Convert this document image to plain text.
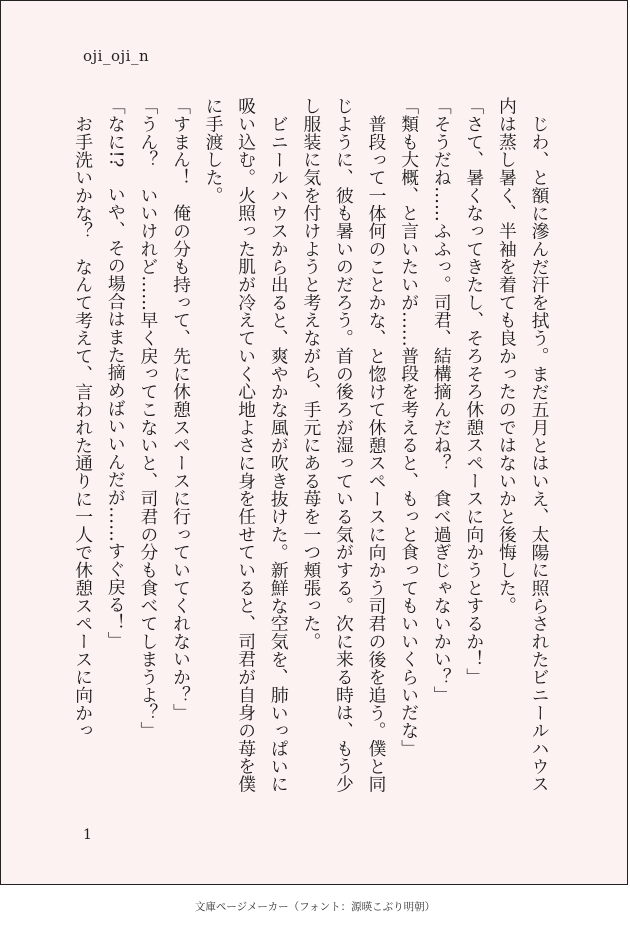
oji_oji_n

じわ、と額に滲んだ汗を拭う。まだ五月とはいえ、太陽に照らされたビニールハウス内は蒸し暑く、半袖を着ても良かったのではないかと後悔した。

「さて、暑くなってきたし、そろそろ休憩スペースに向かうとするか！」

「そうだね……ふふっ。司君、結構摘んだね？　食べ過ぎじゃないかい？」

「類も大概、と言いたいが……普段を考えると、もっと食ってもいいくらいだな」

普段って一体何のことかな、と惚けて休憩スペースに向かう司君の後を追う。僕と同じように、彼も暑いのだろう。首の後ろが湿っている気がする。次に来る時は、もう少し服装に気を付けようと考えながら、手元にある苺を一つ頬張った。

ビニールハウスから出ると、爽やかな風が吹き抜けた。新鮮な空気を、肺いっぱいに吸い込む。火照った肌が冷えていく心地よさに身を任せていると、司君が自身の苺を僕に手渡した。

「すまん！　俺の分も持って、先に休憩スペースに行っていてくれないか？」

「うん？　いいけれど……早く戻ってこないと、司君の分も食べてしまうよ？」

「なに!?　いや、その場合はまた摘めばいいんだが……すぐ戻る！」

お手洗いかな？　なんて考えて、言われた通りに一人で休憩スペースに向かっ

1
文庫ページメーカー（フォント：源暎こぶり明朝）
